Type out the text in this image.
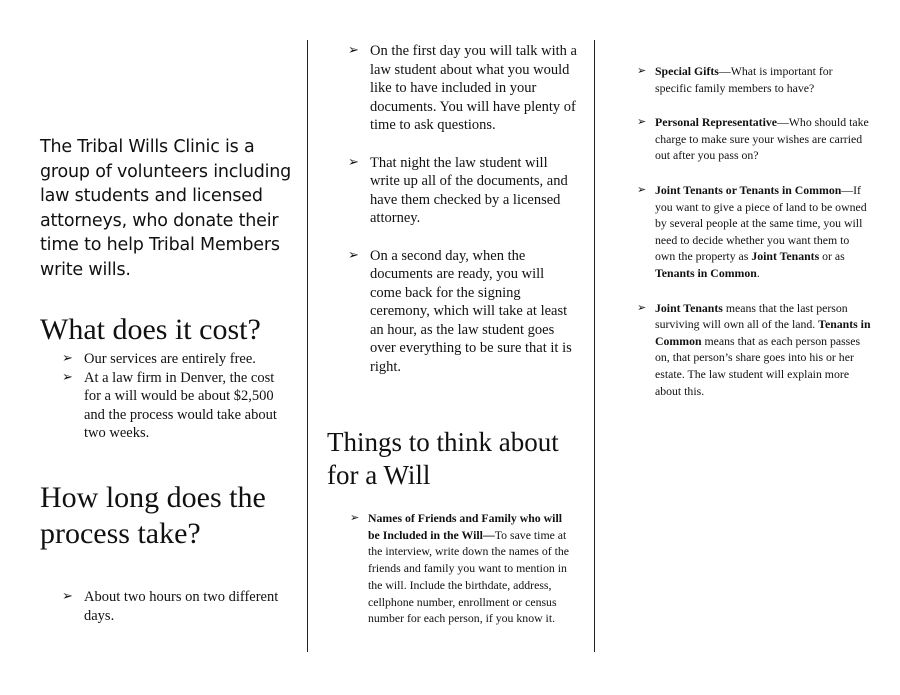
The Tribal Wills Clinic is a group of volunteers including law students and licensed attorneys, who donate their time to help Tribal Members write wills.

What does it cost?
➢ Our services are entirely free.
➢ At a law firm in Denver, the cost for a will would be about $2,500 and the process would take about two weeks.
How long does the process take?
➢ About two hours on two different days.
➢ On the first day you will talk with a law student about what you would like to have included in your documents. You will have plenty of time to ask questions.
➢ That night the law student will write up all of the documents, and have them checked by a licensed attorney.
➢ On a second day, when the documents are ready, you will come back for the signing ceremony, which will take at least an hour, as the law student goes over everything to be sure that it is right.
Things to think about for a Will
➢ Names of Friends and Family who will be Included in the Will—To save time at the interview, write down the names of the friends and family you want to mention in the will. Include the birthdate, address, cellphone number, enrollment or census number for each person, if you know it.
➢ Special Gifts—What is important for specific family members to have?
➢ Personal Representative—Who should take charge to make sure your wishes are carried out after you pass on?
➢ Joint Tenants or Tenants in Common—If you want to give a piece of land to be owned by several people at the same time, you will need to decide whether you want them to own the property as Joint Tenants or as Tenants in Common.
➢ Joint Tenants means that the last person surviving will own all of the land. Tenants in Common means that as each person passes on, that person’s share goes into his or her estate. The law student will explain more about this.
